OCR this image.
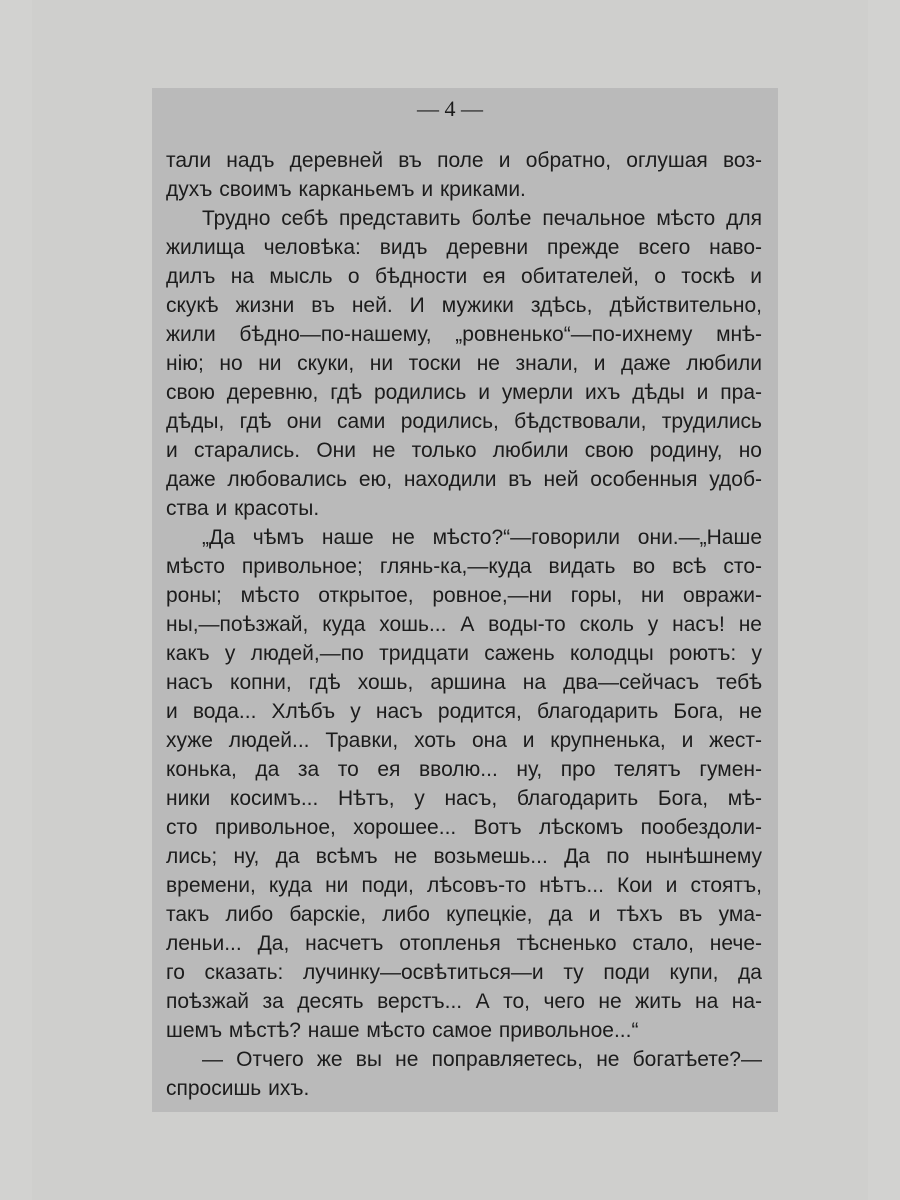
— 4 —
тали надъ деревней въ поле и обратно, оглушая воз-
духъ своимъ карканьемъ и криками.
Трудно себѣ представить болѣе печальное мѣсто для
жилища человѣка: видъ деревни прежде всего наво-
дилъ на мысль о бѣдности ея обитателей, о тоскѣ и
скукѣ жизни въ ней. И мужики здѣсь, дѣйствительно,
жили бѣдно—по-нашему, „ровненько“—по-ихнему мнѣ-
нію; но ни скуки, ни тоски не знали, и даже любили
свою деревню, гдѣ родились и умерли ихъ дѣды и пра-
дѣды, гдѣ они сами родились, бѣдствовали, трудились
и старались. Они не только любили свою родину, но
даже любовались ею, находили въ ней особенныя удоб-
ства и красоты.
„Да чѣмъ наше не мѣсто?“—говорили они.—„Наше
мѣсто привольное; глянь-ка,—куда видать во всѣ сто-
роны; мѣсто открытое, ровное,—ни горы, ни овражи-
ны,—поѣзжай, куда хошь... А воды-то сколь у насъ! не
какъ у людей,—по тридцати сажень колодцы роютъ: у
насъ копни, гдѣ хошь, аршина на два—сейчасъ тебѣ
и вода... Хлѣбъ у насъ родится, благодарить Бога, не
хуже людей... Травки, хоть она и крупненька, и жест-
конька, да за то ея вволю... ну, про телятъ гумен-
ники косимъ... Нѣтъ, у насъ, благодарить Бога, мѣ-
сто привольное, хорошее... Вотъ лѣскомъ пообездоли-
лись; ну, да всѣмъ не возьмешь... Да по нынѣшнему
времени, куда ни поди, лѣсовъ-то нѣтъ... Кои и стоятъ,
такъ либо барскіе, либо купецкіе, да и тѣхъ въ ума-
леньи... Да, насчетъ отопленья тѣсненько стало, нече-
го сказать: лучинку—освѣтиться—и ту поди купи, да
поѣзжай за десять верстъ... А то, чего не жить на на-
шемъ мѣстѣ? наше мѣсто самое привольное...“
— Отчего же вы не поправляетесь, не богатѣете?—
спросишь ихъ.
